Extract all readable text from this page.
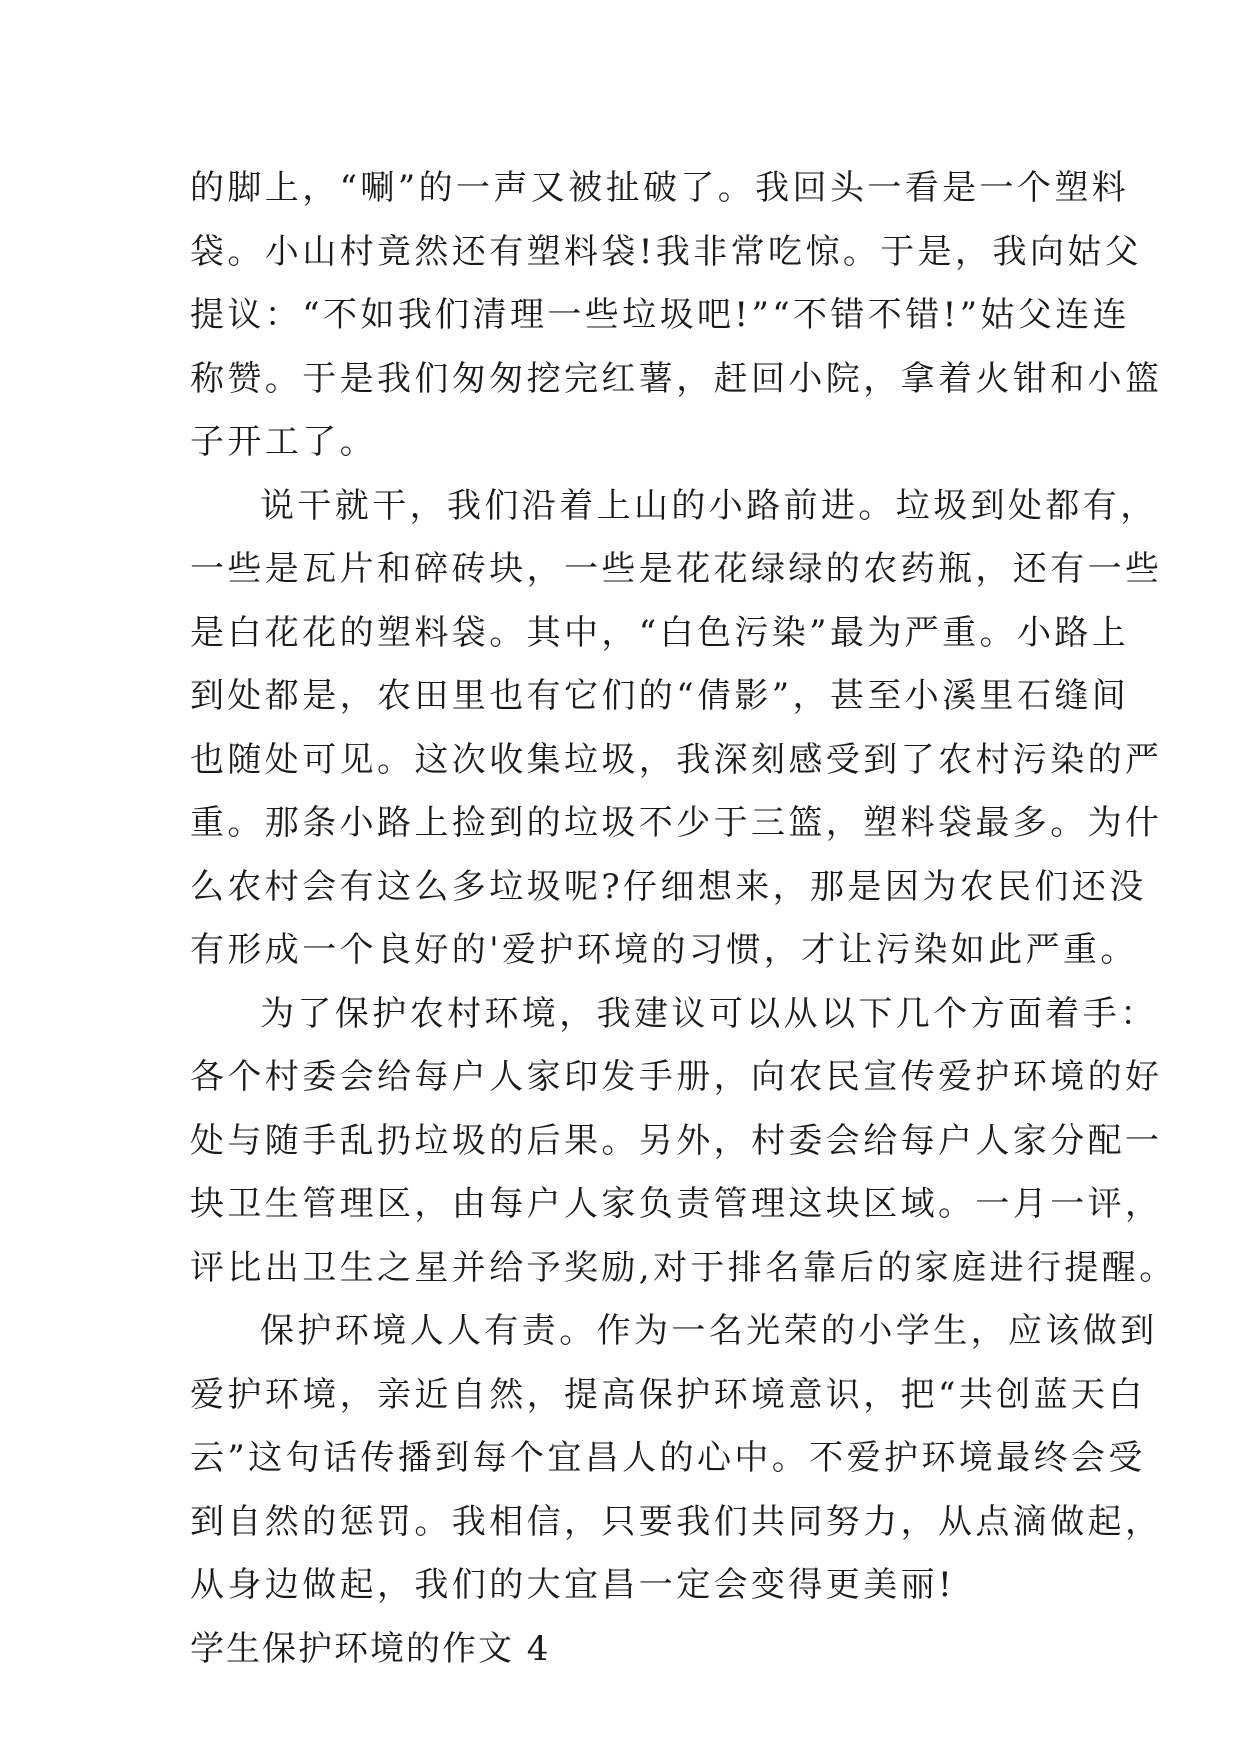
的脚上，“唰”的一声又被扯破了。我回头一看是一个塑料
袋。小山村竟然还有塑料袋!我非常吃惊。于是，我向姑父
提议：“不如我们清理一些垃圾吧!”“不错不错!”姑父连连
称赞。于是我们匆匆挖完红薯，赶回小院，拿着火钳和小篮
子开工了。
说干就干，我们沿着上山的小路前进。垃圾到处都有，
一些是瓦片和碎砖块，一些是花花绿绿的农药瓶，还有一些
是白花花的塑料袋。其中，“白色污染”最为严重。小路上
到处都是，农田里也有它们的“倩影”，甚至小溪里石缝间
也随处可见。这次收集垃圾，我深刻感受到了农村污染的严
重。那条小路上捡到的垃圾不少于三篮，塑料袋最多。为什
么农村会有这么多垃圾呢?仔细想来，那是因为农民们还没
有形成一个良好的'爱护环境的习惯，才让污染如此严重。
为了保护农村环境，我建议可以从以下几个方面着手：
各个村委会给每户人家印发手册，向农民宣传爱护环境的好
处与随手乱扔垃圾的后果。另外，村委会给每户人家分配一
块卫生管理区，由每户人家负责管理这块区域。一月一评，
评比出卫生之星并给予奖励,对于排名靠后的家庭进行提醒。
保护环境人人有责。作为一名光荣的小学生，应该做到
爱护环境，亲近自然，提高保护环境意识，把“共创蓝天白
云”这句话传播到每个宜昌人的心中。不爱护环境最终会受
到自然的惩罚。我相信，只要我们共同努力，从点滴做起，
从身边做起，我们的大宜昌一定会变得更美丽!
学生保护环境的作文 4
